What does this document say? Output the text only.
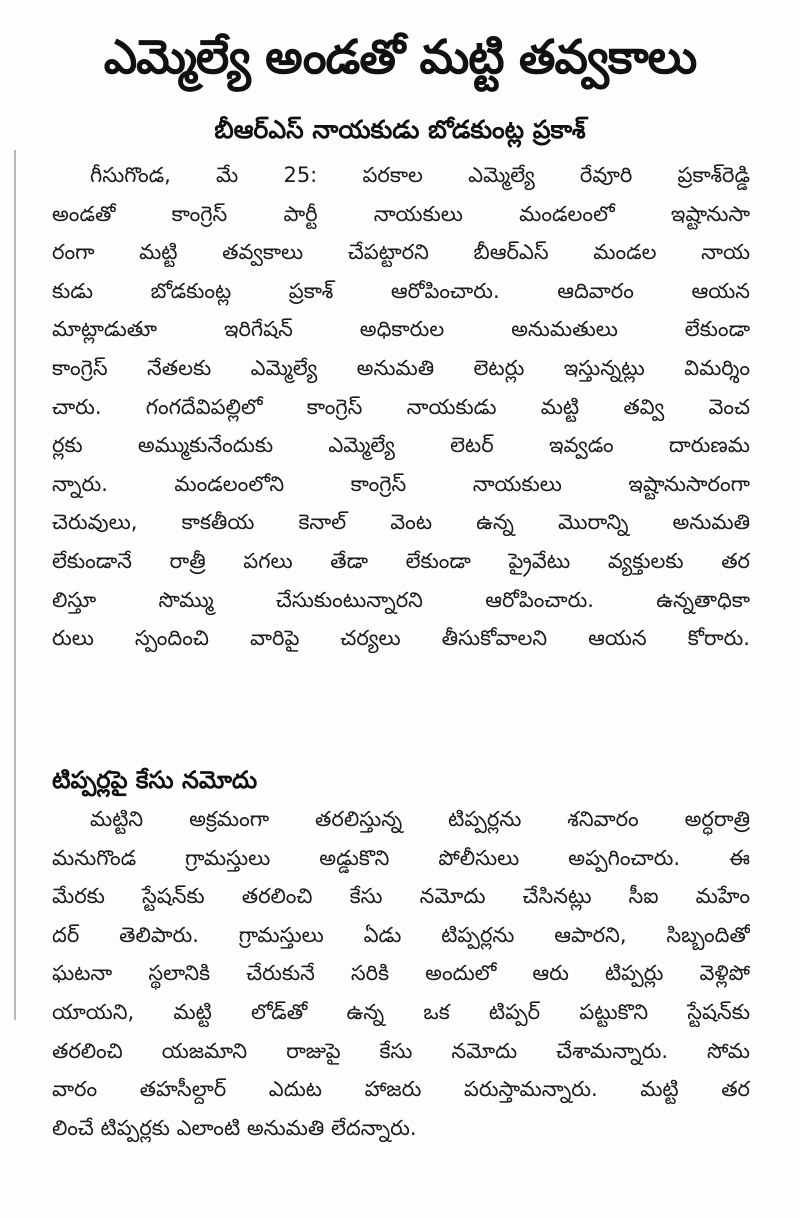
ఎమ్మెల్యే అండతో మట్టి తవ్వకాలు
బీఆర్ఎస్ నాయకుడు బోడకుంట్ల ప్రకాశ్
గీసుగొండ, మే 25: పరకాల ఎమ్మెల్యే రేవూరి ప్రకాశ్‌రెడ్డి
అండతో కాంగ్రెస్ పార్టీ నాయకులు మండలంలో ఇష్టానుసా
రంగా మట్టి తవ్వకాలు చేపట్టారని బీఆర్ఎస్ మండల నాయ
కుడు బోడకుంట్ల ప్రకాశ్ ఆరోపించారు. ఆదివారం ఆయన
మాట్లాడుతూ ఇరిగేషన్ అధికారుల అనుమతులు లేకుండా
కాంగ్రెస్ నేతలకు ఎమ్మెల్యే అనుమతి లెటర్లు ఇస్తున్నట్లు విమర్శిం
చారు. గంగదేవిపల్లిలో కాంగ్రెస్ నాయకుడు మట్టి తవ్వి వెంచ
ర్లకు అమ్ముకునేందుకు ఎమ్మెల్యే లెటర్ ఇవ్వడం దారుణమ
న్నారు. మండలంలోని కాంగ్రెస్ నాయకులు ఇష్టానుసారంగా
చెరువులు, కాకతీయ కెనాల్ వెంట ఉన్న మొరాన్ని అనుమతి
లేకుండానే రాత్రీ పగలు తేడా లేకుండా ప్రైవేటు వ్యక్తులకు తర
లిస్తూ సొమ్ము చేసుకుంటున్నారని ఆరోపించారు. ఉన్నతాధికా
రులు స్పందించి వారిపై చర్యలు తీసుకోవాలని ఆయన కోరారు.
టిప్పర్లపై కేసు నమోదు
మట్టిని అక్రమంగా తరలిస్తున్న టిప్పర్లను శనివారం అర్ధరాత్రి
మనుగొండ గ్రామస్తులు అడ్డుకొని పోలీసులు అప్పగించారు. ఈ
మేరకు స్టేషన్‌కు తరలించి కేసు నమోదు చేసినట్లు సీఐ మహేం
దర్ తెలిపారు. గ్రామస్తులు ఏడు టిప్పర్లను ఆపారని, సిబ్బందితో
ఘటనా స్థలానికి చేరుకునే సరికి అందులో ఆరు టిప్పర్లు వెళ్లిపో
యాయని, మట్టి లోడ్‌తో ఉన్న ఒక టిప్పర్ పట్టుకొని స్టేషన్‌కు
తరలించి యజమాని రాజుపై కేసు నమోదు చేశామన్నారు. సోమ
వారం తహసీల్దార్ ఎదుట హాజరు పరుస్తామన్నారు. మట్టి తర
లించే టిప్పర్లకు ఎలాంటి అనుమతి లేదన్నారు.
